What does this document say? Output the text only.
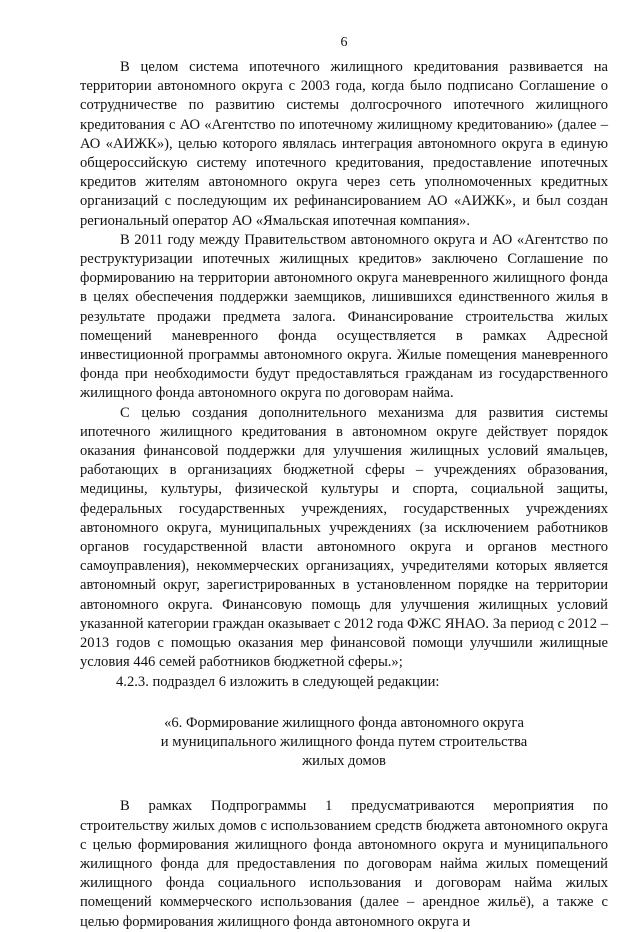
6

В целом система ипотечного жилищного кредитования развивается на территории автономного округа с 2003 года, когда было подписано Соглашение о сотрудничестве по развитию системы долгосрочного ипотечного жилищного кредитования с АО «Агентство по ипотечному жилищному кредитованию» (далее – АО «АИЖК»), целью которого являлась интеграция автономного округа в единую общероссийскую систему ипотечного кредитования, предоставление ипотечных кредитов жителям автономного округа через сеть уполномоченных кредитных организаций с последующим их рефинансированием АО «АИЖК», и был создан региональный оператор АО «Ямальская ипотечная компания».

В 2011 году между Правительством автономного округа и АО «Агентство по реструктуризации ипотечных жилищных кредитов» заключено Соглашение по формированию на территории автономного округа маневренного жилищного фонда в целях обеспечения поддержки заемщиков, лишившихся единственного жилья в результате продажи предмета залога. Финансирование строительства жилых помещений маневренного фонда осуществляется в рамках Адресной инвестиционной программы автономного округа. Жилые помещения маневренного фонда при необходимости будут предоставляться гражданам из государственного жилищного фонда автономного округа по договорам найма.

С целью создания дополнительного механизма для развития системы ипотечного жилищного кредитования в автономном округе действует порядок оказания финансовой поддержки для улучшения жилищных условий ямальцев, работающих в организациях бюджетной сферы – учреждениях образования, медицины, культуры, физической культуры и спорта, социальной защиты, федеральных государственных учреждениях, государственных учреждениях автономного округа, муниципальных учреждениях (за исключением работников органов государственной власти автономного округа и органов местного самоуправления), некоммерческих организациях, учредителями которых является автономный округ, зарегистрированных в установленном порядке на территории автономного округа. Финансовую помощь для улучшения жилищных условий указанной категории граждан оказывает с 2012 года ФЖС ЯНАО. За период с 2012 – 2013 годов с помощью оказания мер финансовой помощи улучшили жилищные условия 446 семей работников бюджетной сферы.»;

4.2.3. подраздел 6 изложить в следующей редакции:

«6. Формирование жилищного фонда автономного округа
и муниципального жилищного фонда путем строительства
жилых домов

В рамках Подпрограммы 1 предусматриваются мероприятия по строительству жилых домов с использованием средств бюджета автономного округа с целью формирования жилищного фонда автономного округа и муниципального жилищного фонда для предоставления по договорам найма жилых помещений жилищного фонда социального использования и договорам найма жилых помещений коммерческого использования (далее – арендное жильё), а также с целью формирования жилищного фонда автономного округа и
